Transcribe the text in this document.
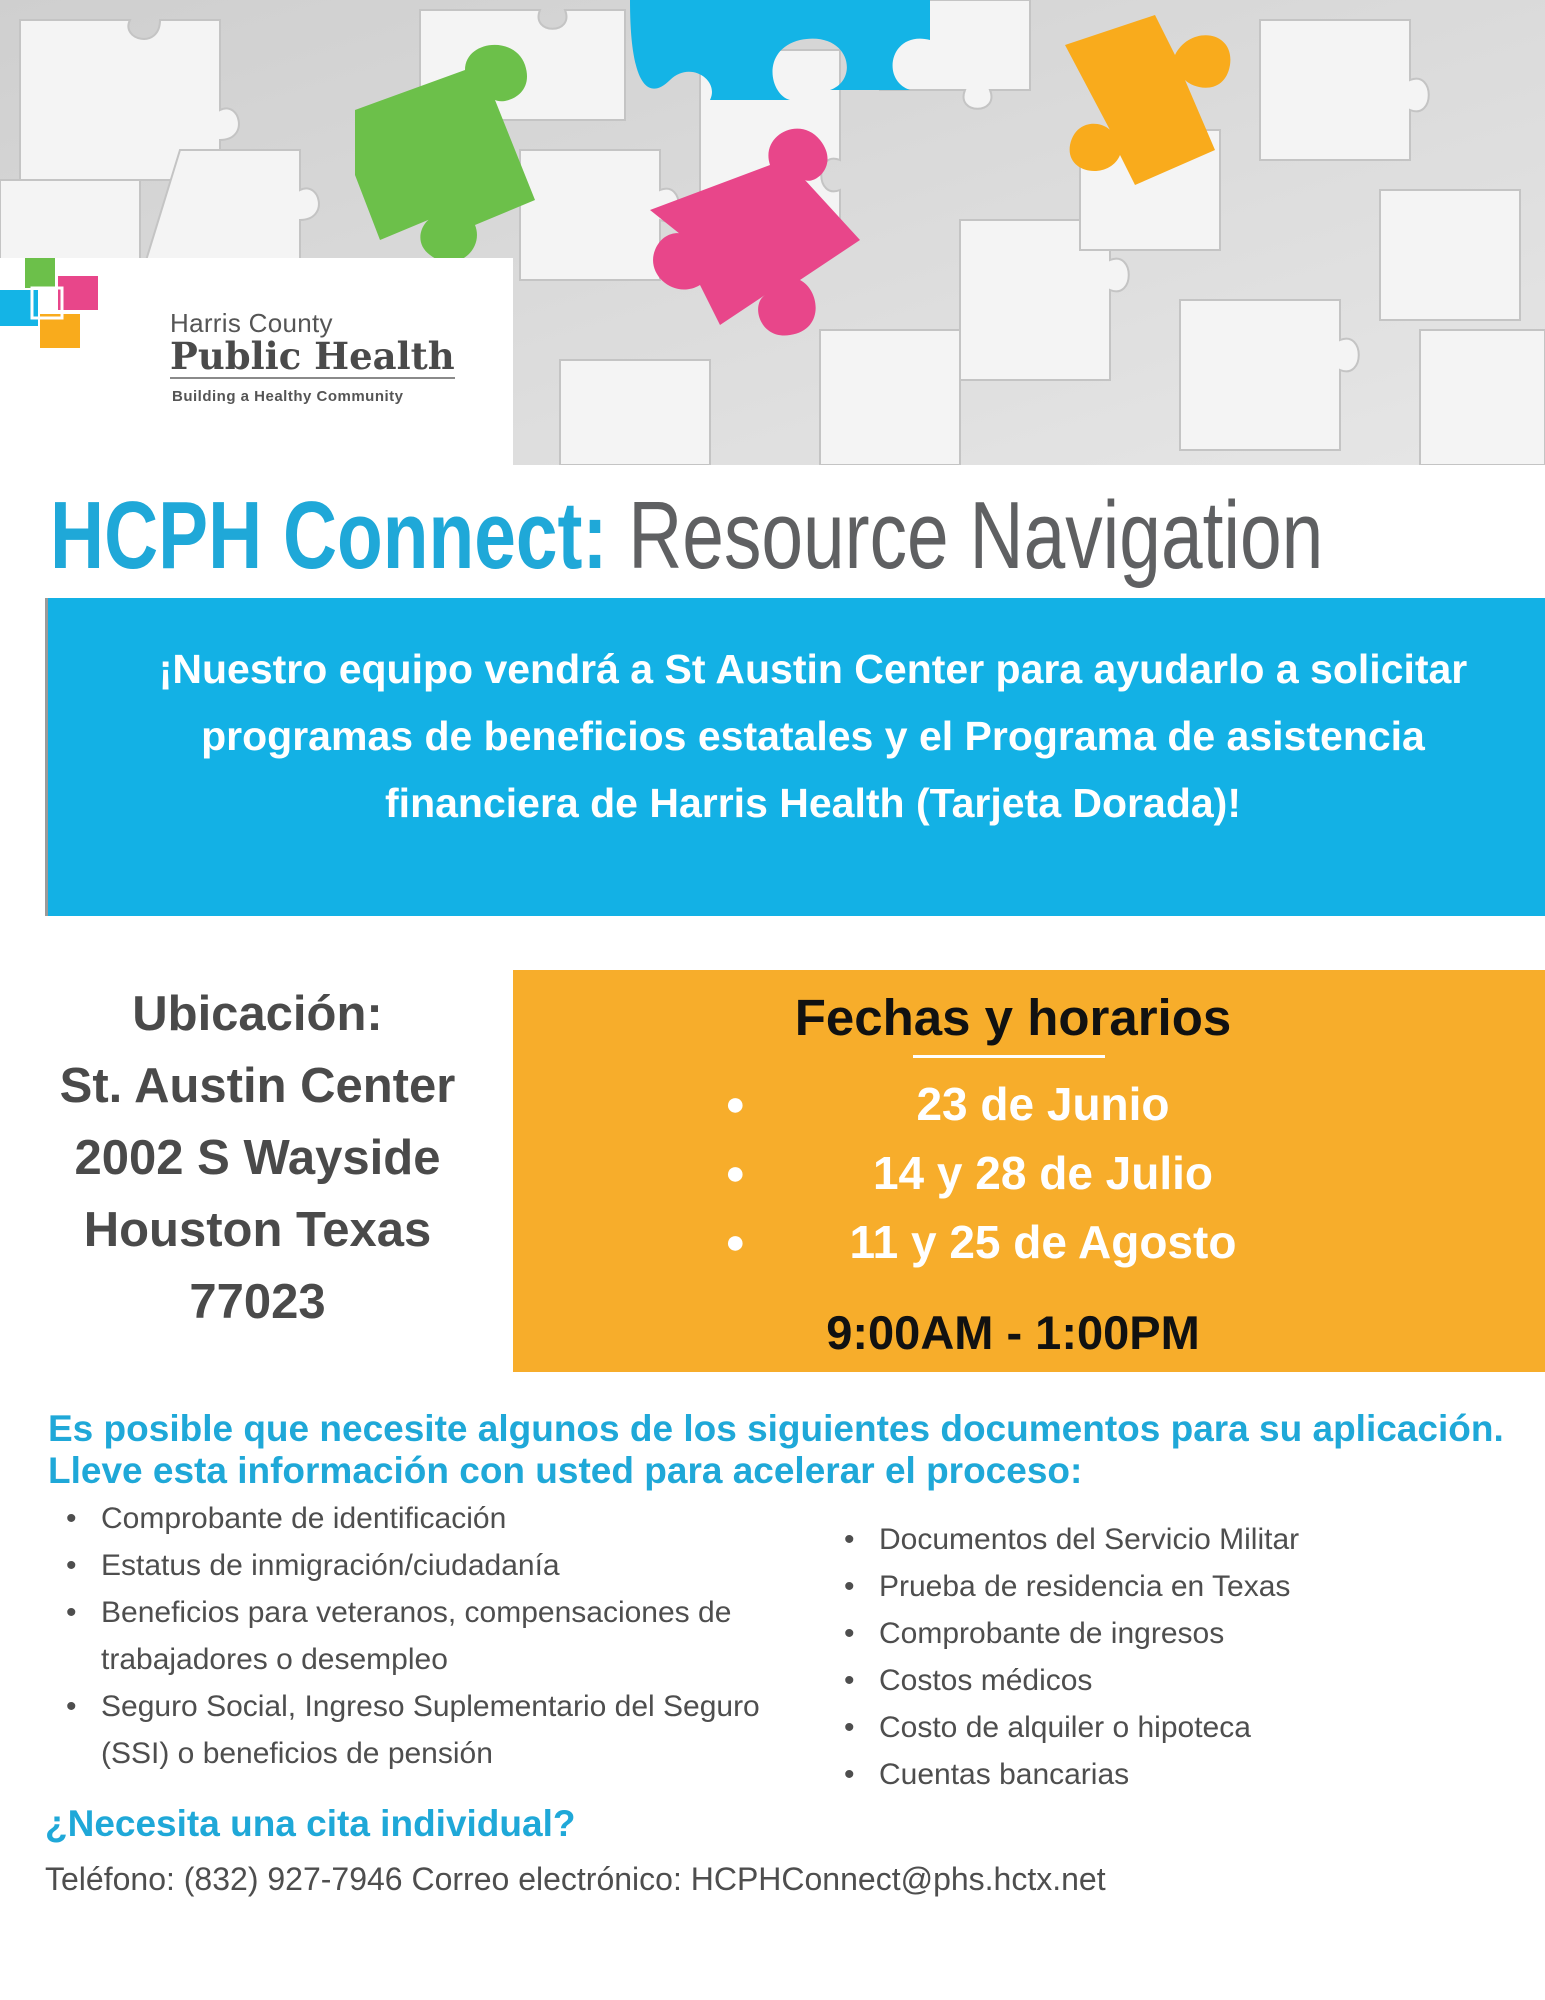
Harris County
Public Health
Building a Healthy Community
HCPH Connect: Resource Navigation
¡Nuestro equipo vendrá a St Austin Center para ayudarlo a solicitar programas de beneficios estatales y el Programa de asistencia financiera de Harris Health (Tarjeta Dorada)!
Ubicación:
St. Austin Center
2002 S Wayside
Houston Texas
77023
Fechas y horarios
●	23 de Junio
●	14 y 28 de Julio
●	11 y 25 de Agosto
9:00AM - 1:00PM
Es posible que necesite algunos de los siguientes documentos para su aplicación. Lleve esta información con usted para acelerar el proceso:
• Comprobante de identificación
• Estatus de inmigración/ciudadanía
• Beneficios para veteranos, compensaciones de trabajadores o desempleo
• Seguro Social, Ingreso Suplementario del Seguro (SSI) o beneficios de pensión
• Documentos del Servicio Militar
• Prueba de residencia en Texas
• Comprobante de ingresos
• Costos médicos
• Costo de alquiler o hipoteca
• Cuentas bancarias
¿Necesita una cita individual?
Teléfono: (832) 927-7946 Correo electrónico: HCPHConnect@phs.hctx.net
